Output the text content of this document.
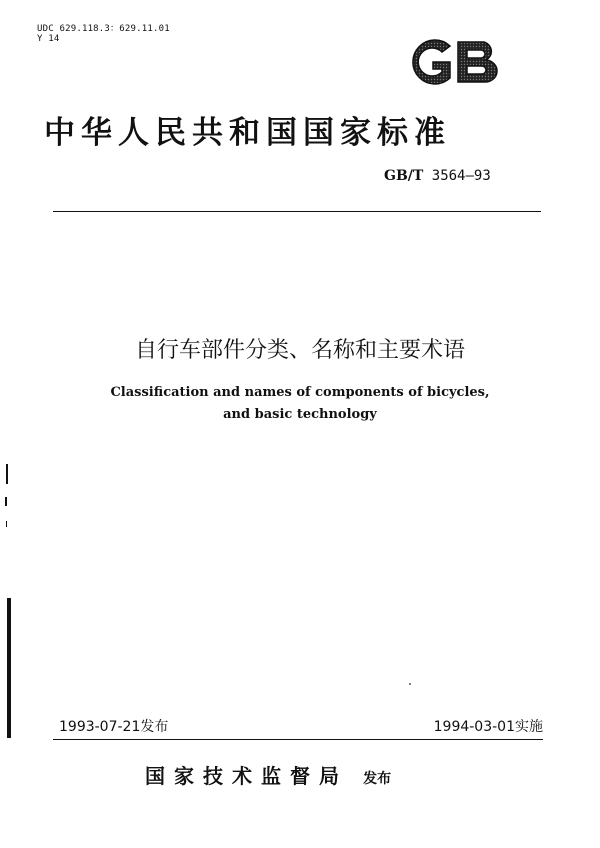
UDC 629.118.3：629.11.01
Y 14
中华人民共和国国家标准
GB/T 3564—93
自行车部件分类、名称和主要术语
Classification and names of components of bicycles,
and basic technology
1993-07-21发布	1994-03-01实施
国家技术监督局 发布
